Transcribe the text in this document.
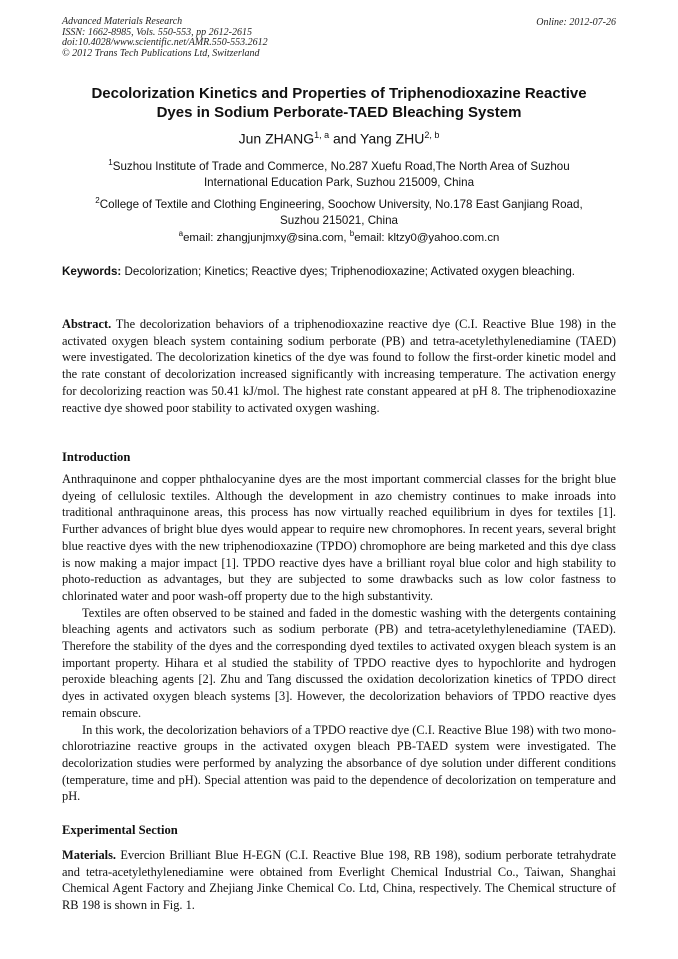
Advanced Materials Research
ISSN: 1662-8985, Vols. 550-553, pp 2612-2615
doi:10.4028/www.scientific.net/AMR.550-553.2612
© 2012 Trans Tech Publications Ltd, Switzerland
Online: 2012-07-26
Decolorization Kinetics and Properties of Triphenodioxazine Reactive
Dyes in Sodium Perborate-TAED Bleaching System
Jun ZHANG$^{1, a}$ and Yang ZHU$^{2, b}$
$^1$Suzhou Institute of Trade and Commerce, No.287 Xuefu Road,The North Area of Suzhou
International Education Park, Suzhou 215009, China
$^2$College of Textile and Clothing Engineering, Soochow University, No.178 East Ganjiang Road,
Suzhou 215021, China
$^a$email: zhangjunjmxy@sina.com, $^b$email: kltzy0@yahoo.com.cn
Keywords: Decolorization; Kinetics; Reactive dyes; Triphenodioxazine; Activated oxygen bleaching.

Abstract. The decolorization behaviors of a triphenodioxazine reactive dye (C.I. Reactive Blue 198) in the activated oxygen bleach system containing sodium perborate (PB) and tetra-acetylethylenediamine (TAED) were investigated. The decolorization kinetics of the dye was found to follow the first-order kinetic model and the rate constant of decolorization increased significantly with increasing temperature. The activation energy for decolorizing reaction was 50.41 kJ/mol. The highest rate constant appeared at pH 8. The triphenodioxazine reactive dye showed poor stability to activated oxygen washing.

Introduction

Anthraquinone and copper phthalocyanine dyes are the most important commercial classes for the bright blue dyeing of cellulosic textiles. Although the development in azo chemistry continues to make inroads into traditional anthraquinone areas, this process has now virtually reached equilibrium in dyes for textiles [1]. Further advances of bright blue dyes would appear to require new chromophores. In recent years, several bright blue reactive dyes with the new triphenodioxazine (TPDO) chromophore are being marketed and this dye class is now making a major impact [1]. TPDO reactive dyes have a brilliant royal blue color and high stability to photo-reduction as advantages, but they are subjected to some drawbacks such as low color fastness to chlorinated water and poor wash-off property due to the high substantivity.

Textiles are often observed to be stained and faded in the domestic washing with the detergents containing bleaching agents and activators such as sodium perborate (PB) and tetra-acetylethylenediamine (TAED). Therefore the stability of the dyes and the corresponding dyed textiles to activated oxygen bleach system is an important property. Hihara et al studied the stability of TPDO reactive dyes to hypochlorite and hydrogen peroxide bleaching agents [2]. Zhu and Tang discussed the oxidation decolorization kinetics of TPDO direct dyes in activated oxygen bleach systems [3]. However, the decolorization behaviors of TPDO reactive dyes remain obscure.

In this work, the decolorization behaviors of a TPDO reactive dye (C.I. Reactive Blue 198) with two mono-chlorotriazine reactive groups in the activated oxygen bleach PB-TAED system were investigated. The decolorization studies were performed by analyzing the absorbance of dye solution under different conditions (temperature, time and pH). Special attention was paid to the dependence of decolorization on temperature and pH.

Experimental Section

Materials. Evercion Brilliant Blue H-EGN (C.I. Reactive Blue 198, RB 198), sodium perborate tetrahydrate and tetra-acetylethylenediamine were obtained from Everlight Chemical Industrial Co., Taiwan, Shanghai Chemical Agent Factory and Zhejiang Jinke Chemical Co. Ltd, China, respectively. The Chemical structure of RB 198 is shown in Fig. 1.
